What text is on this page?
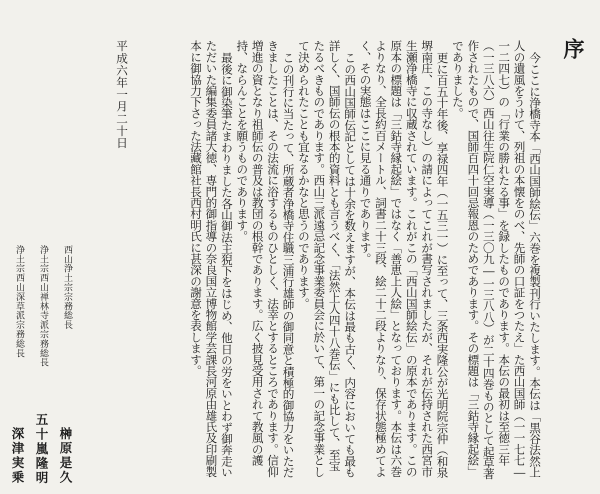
序

今ここに浄橋寺本「西山国師絵伝」六巻を複製刊行いたします。本伝は「黒谷法然上人の遺風をうけて、列祖の本懐をのべ、先師の口証をつたえ」た西山国師（一一七七―一二四七）の「行業の勝れたる事」を録したものであります。本伝の最初は至徳三年（一三八六）西山往生院仁空実導（一三〇九―一三八八）が二十四巻ものとして起草著作されたもので、国師百四十回忌報恩のためであります。その標題は「三鈷寺縁起絵」でありました。

更に百五十年後、享禄四年（一五三一）に至って、三条西実隆公が光明院宗仲（和泉堺南庄、この寺なし）の請によってこれが書写されましたが、それが伝持された西宮市生瀬浄橋寺に収蔵されています。これがこの「西山国師絵伝」の原本であります。この原本の標題は「三鈷寺縁起絵」ではなく「善恵上人絵」となっております。本伝は六巻よりなり、全長約百メートル、詞書二十三段、絵二十二段よりなり、保存状態極めてよく、その実態はここに見る通りであります。

この西山国師伝記としては十余を数えますが、本伝は最も古く、内容においても最も詳しく、国師伝の根本的資料とも言うべく、「法然上人四十八巻伝」にも比して、至宝たるべきものであります。西山三派遠忌記念事業委員会に於いて、第一の記念事業として決められたことも宜なるかなと思うのであります。

この刊行に当たって、所蔵者浄橋寺住職三浦行雄師の御同意と積極的御協力をいただきましたことは、その法流に浴するものひとしく、法幸とするところであります。信仰増進の資となり祖師伝の普及は教団の根幹であります。広く披見受用されて教風の護持、ならんことを願うものであります。

最後に御染筆たまわりました各山御法主猊下をはじめ、他日の労をいとわず御奔走いただいた編集委員諸大徳、専門的御指導の奈良国立博物館学芸課長河原由雄氏及印刷製本に御協力下さった法藏館社長西村明氏に甚深の謝意を表します。

平成六年一月二十日
西山浄土宗宗務総長
榊原是久
浄土宗西山禅林寺派宗務総長
五十嵐隆明
浄土宗西山深草派宗務総長
深津実乗
